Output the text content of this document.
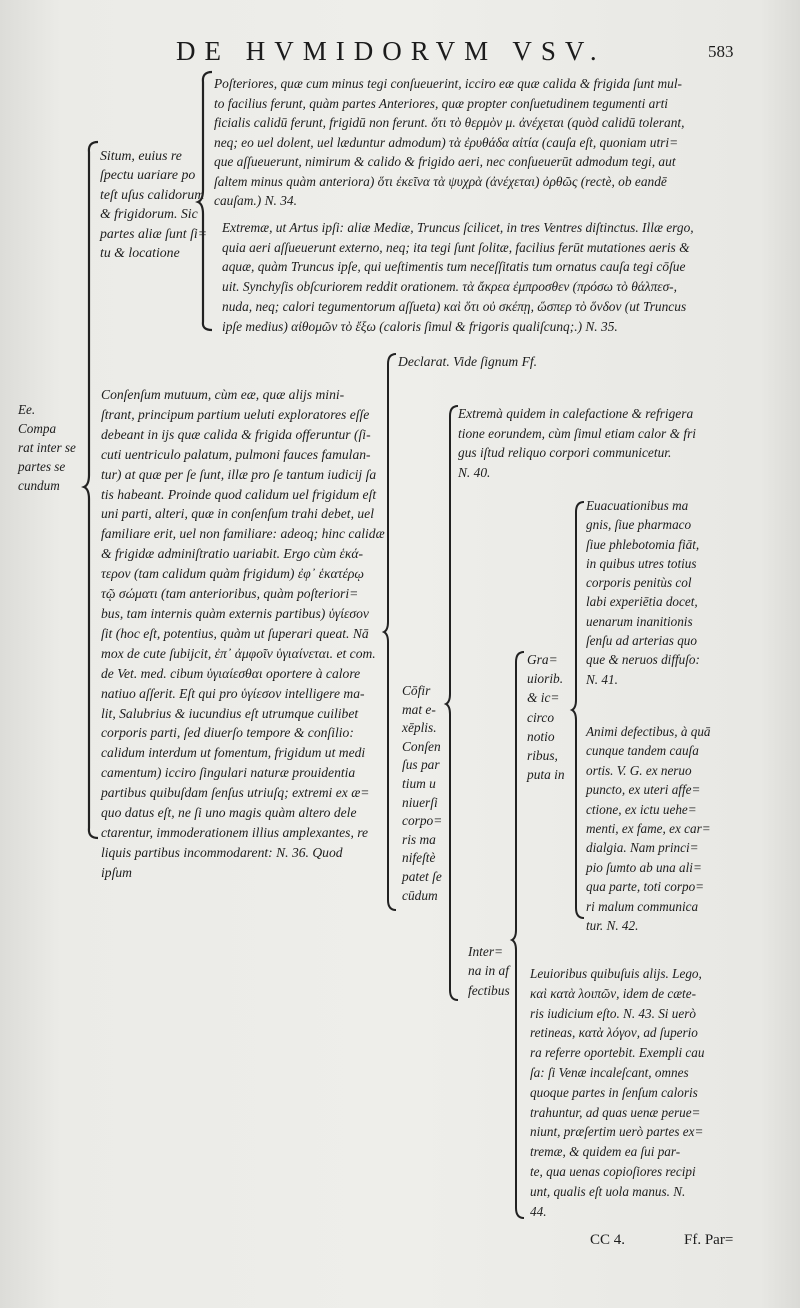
DE HVMIDORVM VSV.	583
Ee.
Compa
rat inter se
partes se
cundum
Situm, euius re
ſpectu uariare po
teſt uſus calidorum
& frigidorum. Sic
partes aliæ ſunt ſi=
tu & locatione
Cōfir
mat e-
xēplis.
Conſen
ſus par
tium u
niuerſi
corpo=
ris ma
nifeſtè
patet ſe
cūdum
Gra=
uiorib.
& ic=
circo
notio
ribus,
puta in
Inter=
na in af
fectibus
Poſteriores, quæ cum minus tegi conſueuerint, icciro eæ quæ calida & frigida ſunt mul-
to facilius ferunt, quàm partes Anteriores, quæ propter conſuetudinem tegumenti arti
ficialis calidū ferunt, frigidū non ferunt. ὅτι τὸ θερμὸν μ. ἀνέχεται (quòd calidū tolerant,
neq; eo uel dolent, uel læduntur admodum) τὰ ἐρυθάδα αἰτία (cauſa eſt, quoniam utri=
que aſſueuerunt, nimirum & calido & frigido aeri, nec conſueuerūt admodum tegi, aut
ſaltem minus quàm anteriora) ὅτι ἐκεῖνα τὰ ψυχρὰ (ἀνέχεται) ὀρθῶς (rectè, ob eandē
cauſam.) N. 34.
Extremæ, ut Artus ipſi: aliæ Mediæ, Truncus ſcilicet, in tres Ventres diſtinctus. Illæ ergo,
quia aeri aſſueuerunt externo, neq; ita tegi ſunt ſolitæ, facilius ferūt mutationes aeris &
aquæ, quàm Truncus ipſe, qui ueſtimentis tum neceſſitatis tum ornatus cauſa tegi cōſue
uit. Synchyſis obſcuriorem reddit orationem. τὰ ἄκρεα ἐμπροσθεν (πρόσω τὸ θάλπεσ-,
nuda, neq; calori tegumentorum aſſueta) καὶ ὅτι οὐ σκέπῃ, ὥσπερ τὸ ὅνδον (ut Truncus
ipſe medius) αἰθομῶν τὸ ἔξω (caloris ſimul & frigoris qualiſcunq;.) N. 35.
Conſenſum mutuum, cùm eæ, quæ alijs mini-
ſtrant, principum partium ueluti exploratores eſſe
debeant in ijs quæ calida & frigida offeruntur (ſi-
cuti uentriculo palatum, pulmoni fauces famulan-
tur) at quæ per ſe ſunt, illæ pro ſe tantum iudicij ſa
tis habeant. Proinde quod calidum uel frigidum eſt
uni parti, alteri, quæ in conſenſum trahi debet, uel
familiare erit, uel non familiare: adeoq; hinc calidæ
& frigidæ adminiſtratio uariabit. Ergo cùm ἑκά-
τερον (tam calidum quàm frigidum) ἐφ᾽ ἑκατέρῳ
τῷ σώματι (tam anterioribus, quàm poſteriori=
bus, tam internis quàm externis partibus) ὑγίεσον
ſit (hoc eſt, potentius, quàm ut ſuperari queat. Nā
mox de cute ſubijcit, ἐπ᾽ ἀμφοῖν ὑγιαίνεται. et com.
de Vet. med. cibum ὑγιαίεσθαι oportere à calore
natiuo aſſerit. Eſt qui pro ὑγίεσον intelligere ma-
lit, Salubrius & iucundius eſt utrumque cuilibet
corporis parti, ſed diuerſo tempore & conſilio:
calidum interdum ut fomentum, frigidum ut medi
camentum) icciro ſingulari naturæ prouidentia
partibus quibuſdam ſenſus utriuſq; extremi ex æ=
quo datus eſt, ne ſi uno magis quàm altero dele
ctarentur, immoderationem illius amplexantes, re
liquis partibus incommodarent: N. 36. Quod
ipſum
Declarat. Vide ſignum Ff.
Extremà quidem in calefactione & refrigera
tione eorundem, cùm ſimul etiam calor & fri
gus iſtud reliquo corpori communicetur.
N. 40.
Euacuationibus ma
gnis, ſiue pharmaco
ſiue phlebotomia fiāt,
in quibus utres totius
corporis penitùs col
labi experiētia docet,
uenarum inanitionis
ſenſu ad arterias quo
que & neruos diffuſo:
N. 41.
Animi defectibus, à quā
cunque tandem cauſa
ortis. V. G. ex neruo
puncto, ex uteri affe=
ctione, ex ictu uehe=
menti, ex fame, ex car=
dialgia. Nam princi=
pio ſumto ab una ali=
qua parte, toti corpo=
ri malum communica
tur. N. 42.
Leuioribus quibuſuis alijs. Lego,
καὶ κατὰ λοιπῶν, idem de cæte-
ris iudicium eſto. N. 43. Si uerò
retineas, κατὰ λόγον, ad ſuperio
ra referre oportebit. Exempli cau
ſa: ſi Venæ incaleſcant, omnes
quoque partes in ſenſum caloris
trahuntur, ad quas uenæ perue=
niunt, præſertim uerò partes ex=
tremæ, & quidem ea ſui par-
te, qua uenas copioſiores recipi
unt, qualis eſt uola manus. N.
44.
CC 4.	Ff. Par=
